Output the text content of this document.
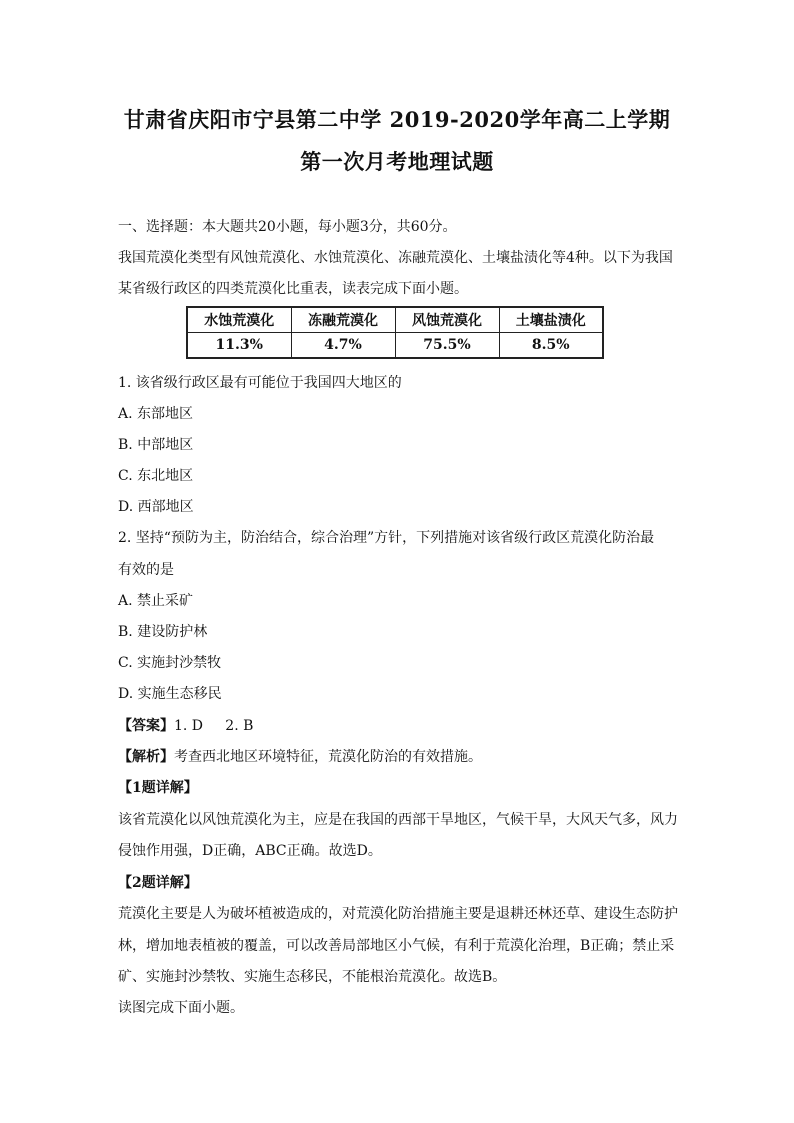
甘肃省庆阳市宁县第二中学 2019-2020学年高二上学期
第一次月考地理试题
一、选择题：本大题共20小题，每小题3分，共60分。
我国荒漠化类型有风蚀荒漠化、水蚀荒漠化、冻融荒漠化、土壤盐渍化等4种。以下为我国
某省级行政区的四类荒漠化比重表，读表完成下面小题。
水蚀荒漠化	冻融荒漠化	风蚀荒漠化	土壤盐渍化
11.3%	4.7%	75.5%	8.5%
1. 该省级行政区最有可能位于我国四大地区的
A. 东部地区
B. 中部地区
C. 东北地区
D. 西部地区
2. 坚持“预防为主，防治结合，综合治理”方针，下列措施对该省级行政区荒漠化防治最
有效的是
A. 禁止采矿
B. 建设防护林
C. 实施封沙禁牧
D. 实施生态移民
【答案】1. D     2. B
【解析】考查西北地区环境特征，荒漠化防治的有效措施。
【1题详解】
该省荒漠化以风蚀荒漠化为主，应是在我国的西部干旱地区，气候干旱，大风天气多，风力
侵蚀作用强，D正确，ABC正确。故选D。
【2题详解】
荒漠化主要是人为破坏植被造成的，对荒漠化防治措施主要是退耕还林还草、建设生态防护
林，增加地表植被的覆盖，可以改善局部地区小气候，有利于荒漠化治理，B正确；禁止采
矿、实施封沙禁牧、实施生态移民，不能根治荒漠化。故选B。
读图完成下面小题。
